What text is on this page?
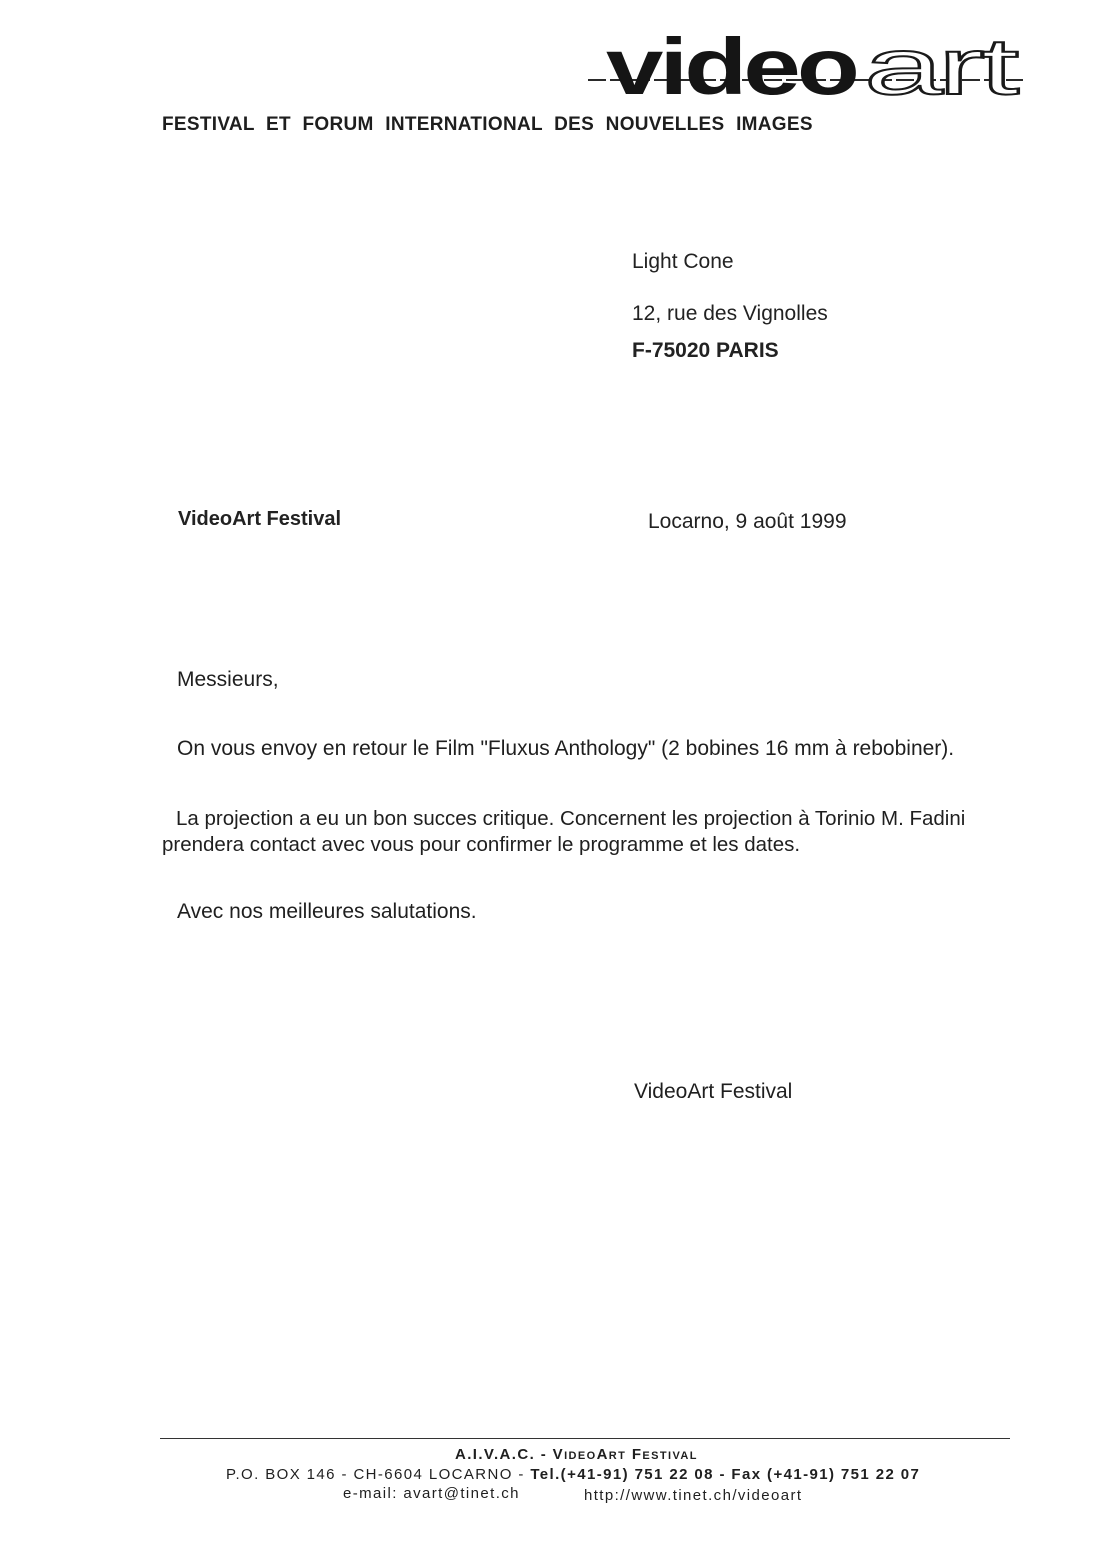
video art
FESTIVAL ET FORUM INTERNATIONAL DES NOUVELLES IMAGES
Light Cone
12, rue des Vignolles
F-75020 PARIS
VideoArt Festival	Locarno, 9 août 1999
Messieurs,
On vous envoy en retour le Film "Fluxus Anthology" (2 bobines 16 mm à rebobiner).
La projection a eu un bon succes critique. Concernent les projection à Torinio M. Fadini
prendera contact avec vous pour confirmer le programme et les dates.
Avec nos meilleures salutations.
VideoArt Festival
A.I.V.A.C. - VideoArt Festival
P.O. BOX 146 - CH-6604 LOCARNO - Tel.(+41-91) 751 22 08 - Fax (+41-91) 751 22 07
e-mail: avart@tinet.ch	http://www.tinet.ch/videoart
